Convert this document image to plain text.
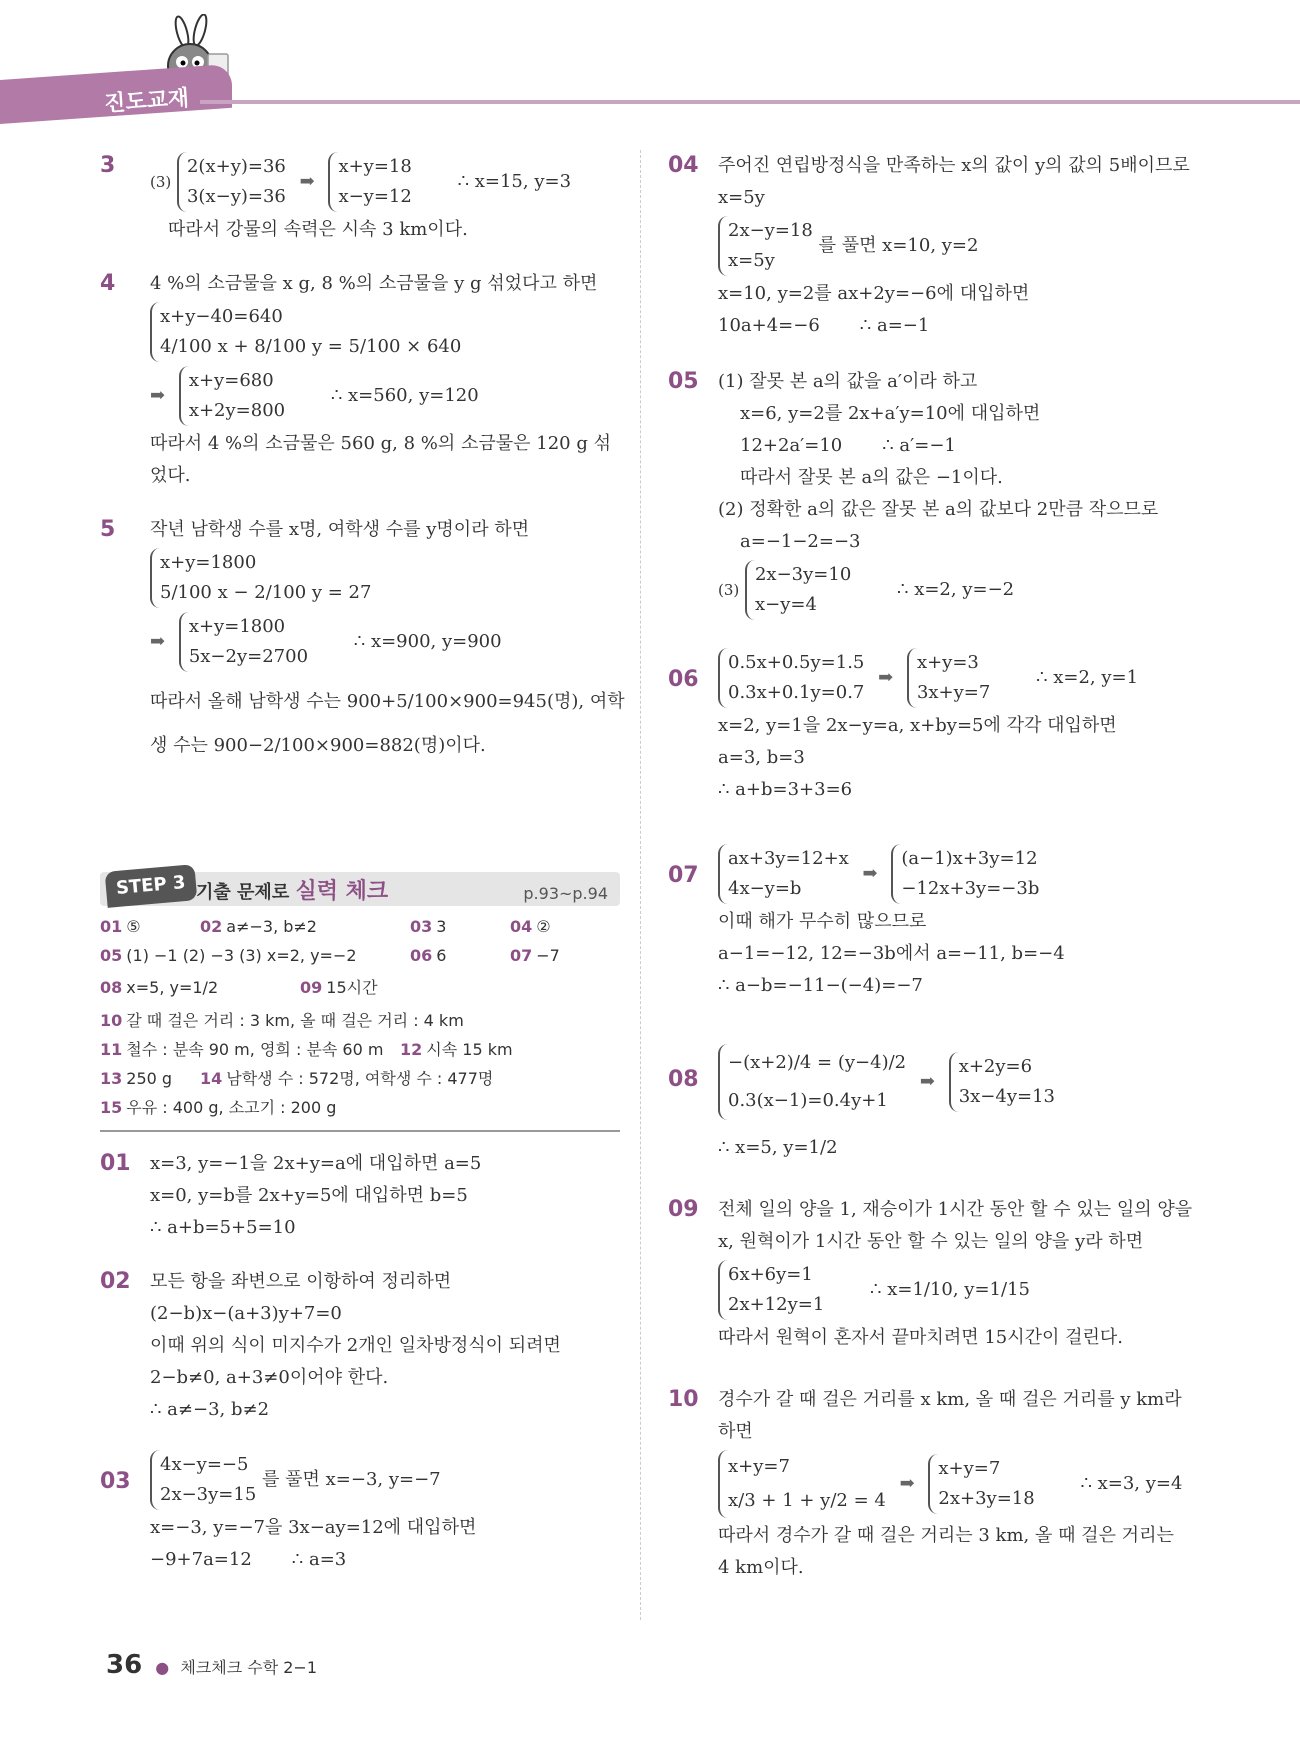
진도교재
3
(3)
2(x+y)=36
3(x−y)=36
➡
x+y=18
x−y=12
∴ x=15, y=3
따라서 강물의 속력은 시속 3 km이다.
4 4 %의 소금물을 x g, 8 %의 소금물을 y g 섞었다고 하면
x+y−40=640
4/100 x + 8/100 y = 5/100 × 640
➡
x+y=680
x+2y=800
∴ x=560, y=120
따라서 4 %의 소금물은 560 g, 8 %의 소금물은 120 g 섞었다.
5 작년 남학생 수를 x명, 여학생 수를 y명이라 하면
x+y=1800
5/100 x − 2/100 y = 27
➡
x+y=1800
5x−2y=2700
∴ x=900, y=900
따라서 올해 남학생 수는 900+5/100×900=945(명), 여학
생 수는 900−2/100×900=882(명)이다.
STEP 3 기출 문제로 실력 체크	p.93~p.94
01 ⑤	02 a≠−3, b≠2	03 3	04 ②
05 (1) −1 (2) −3 (3) x=2, y=−2	06 6	07 −7
08 x=5, y=1/2	09 15시간
10 갈 때 걸은 거리 : 3 km, 올 때 걸은 거리 : 4 km
11 철수 : 분속 90 m, 영희 : 분속 60 m 12 시속 15 km
13 250 g 14 남학생 수 : 572명, 여학생 수 : 477명
15 우유 : 400 g, 소고기 : 200 g
01 x=3, y=−1을 2x+y=a에 대입하면 a=5
x=0, y=b를 2x+y=5에 대입하면 b=5
∴ a+b=5+5=10
02 모든 항을 좌변으로 이항하여 정리하면
(2−b)x−(a+3)y+7=0
이때 위의 식이 미지수가 2개인 일차방정식이 되려면
2−b≠0, a+3≠0이어야 한다.
∴ a≠−3, b≠2
03
4x−y=−5
2x−3y=15
를 풀면 x=−3, y=−7
x=−3, y=−7을 3x−ay=12에 대입하면
−9+7a=12 ∴ a=3
04 주어진 연립방정식을 만족하는 x의 값이 y의 값의 5배이므로
x=5y
2x−y=18
x=5y
를 풀면 x=10, y=2
x=10, y=2를 ax+2y=−6에 대입하면
10a+4=−6 ∴ a=−1
05 (1) 잘못 본 a의 값을 a′이라 하고
x=6, y=2를 2x+a′y=10에 대입하면
12+2a′=10 ∴ a′=−1
따라서 잘못 본 a의 값은 −1이다.
(2) 정확한 a의 값은 잘못 본 a의 값보다 2만큼 작으므로
a=−1−2=−3
(3)
2x−3y=10
x−y=4
∴ x=2, y=−2
06
0.5x+0.5y=1.5
0.3x+0.1y=0.7
➡
x+y=3
3x+y=7
∴ x=2, y=1
x=2, y=1을 2x−y=a, x+by=5에 각각 대입하면
a=3, b=3
∴ a+b=3+3=6
07
ax+3y=12+x
4x−y=b
➡
(a−1)x+3y=12
−12x+3y=−3b
이때 해가 무수히 많으므로
a−1=−12, 12=−3b에서 a=−11, b=−4
∴ a−b=−11−(−4)=−7
08
−(x+2)/4 = (y−4)/2
0.3(x−1)=0.4y+1
➡
x+2y=6
3x−4y=13
∴ x=5, y=1/2
09 전체 일의 양을 1, 재승이가 1시간 동안 할 수 있는 일의 양을
x, 원혁이가 1시간 동안 할 수 있는 일의 양을 y라 하면
6x+6y=1
2x+12y=1
∴ x=1/10, y=1/15
따라서 원혁이 혼자서 끝마치려면 15시간이 걸린다.
10 경수가 갈 때 걸은 거리를 x km, 올 때 걸은 거리를 y km라
하면
x+y=7
x/3 + 1 + y/2 = 4
➡
x+y=7
2x+3y=18
∴ x=3, y=4
따라서 경수가 갈 때 걸은 거리는 3 km, 올 때 걸은 거리는
4 km이다.
36 ● 체크체크 수학 2−1
